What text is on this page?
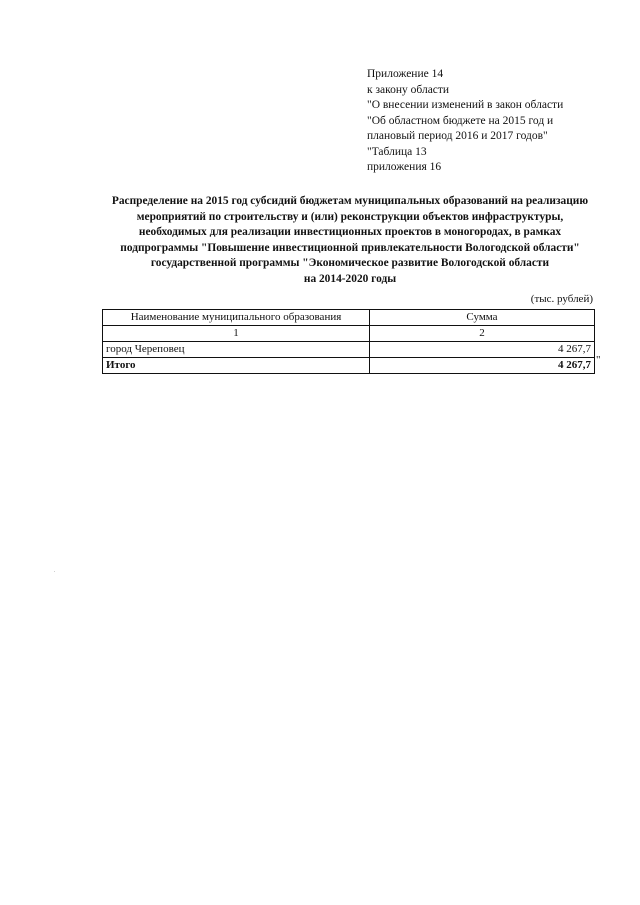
Приложение 14
к закону области
"О внесении изменений в закон области
"Об областном бюджете на 2015 год и
плановый период 2016 и 2017 годов"
"Таблица 13
приложения 16
Распределение на 2015 год субсидий бюджетам муниципальных образований на реализацию
мероприятий по строительству и (или) реконструкции объектов инфраструктуры,
необходимых для реализации инвестиционных проектов в моногородах, в рамках
подпрограммы "Повышение инвестиционной привлекательности Вологодской области"
государственной программы "Экономическое развитие Вологодской области
на 2014-2020 годы
(тыс. рублей)
Наименование муниципального образования	Сумма
1	2
город Череповец	4 267,7
Итого	4 267,7 "
